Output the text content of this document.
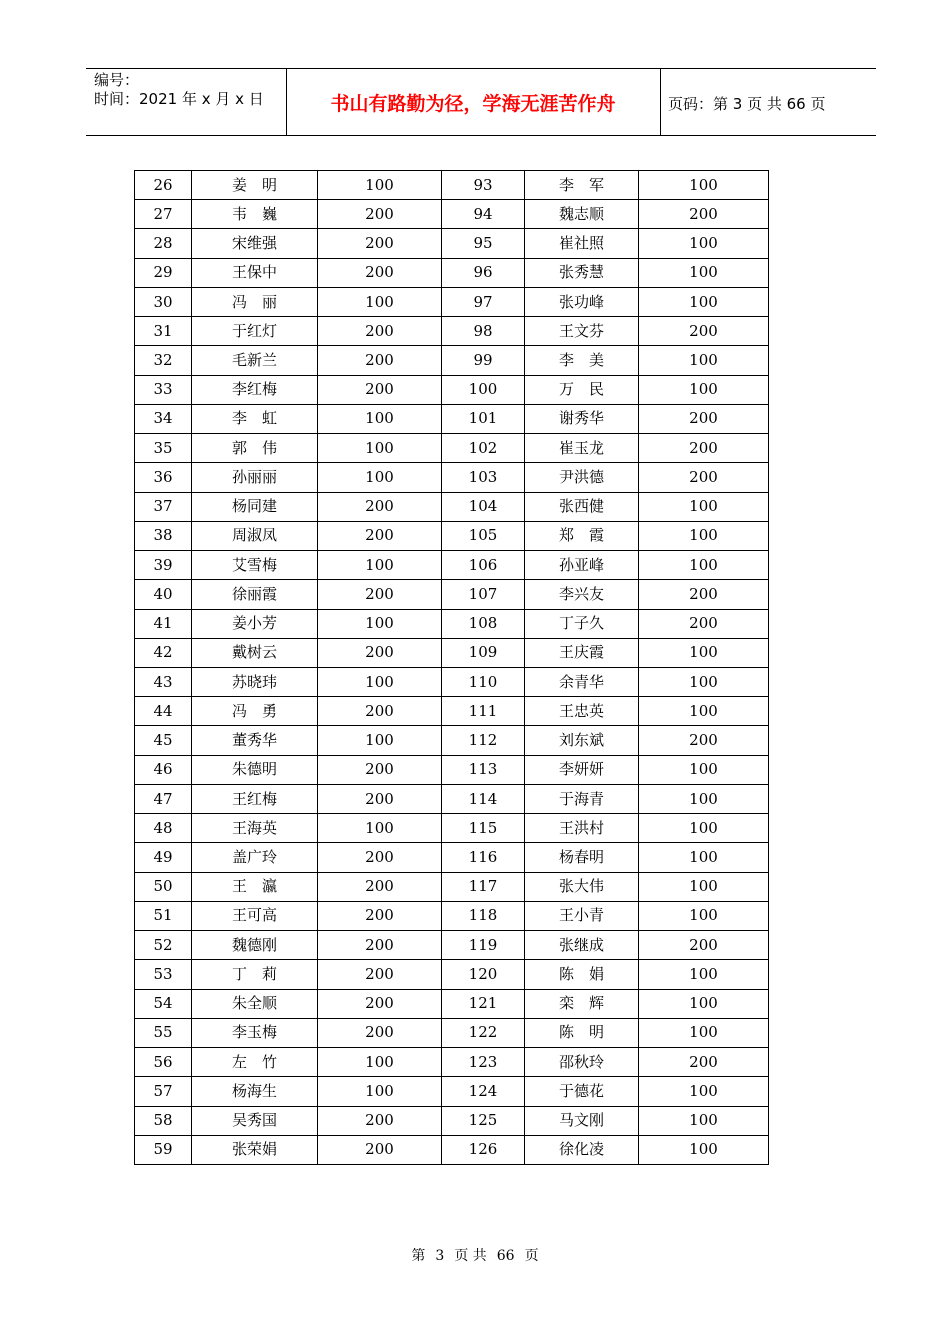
编号：
时间：2021 年 x 月 x 日	书山有路勤为径，学海无涯苦作舟	页码：第 3 页 共 66 页
26	姜　明	100	93	李　军	100
27	韦　巍	200	94	魏志顺	200
28	宋维强	200	95	崔社照	100
29	王保中	200	96	张秀慧	100
30	冯　丽	100	97	张功峰	100
31	于红灯	200	98	王文芬	200
32	毛新兰	200	99	李　美	100
33	李红梅	200	100	万　民	100
34	李　虹	100	101	谢秀华	200
35	郭　伟	100	102	崔玉龙	200
36	孙丽丽	100	103	尹洪德	200
37	杨同建	200	104	张西健	100
38	周淑凤	200	105	郑　霞	100
39	艾雪梅	100	106	孙亚峰	100
40	徐丽霞	200	107	李兴友	200
41	姜小芳	100	108	丁子久	200
42	戴树云	200	109	王庆霞	100
43	苏晓玮	100	110	余青华	100
44	冯　勇	200	111	王忠英	100
45	董秀华	100	112	刘东斌	200
46	朱德明	200	113	李妍妍	100
47	王红梅	200	114	于海青	100
48	王海英	100	115	王洪村	100
49	盖广玲	200	116	杨春明	100
50	王　瀛	200	117	张大伟	100
51	王可高	200	118	王小青	100
52	魏德刚	200	119	张继成	200
53	丁　莉	200	120	陈　娟	100
54	朱全顺	200	121	栾　辉	100
55	李玉梅	200	122	陈　明	100
56	左　竹	100	123	邵秋玲	200
57	杨海生	100	124	于德花	100
58	吴秀国	200	125	马文刚	100
59	张荣娟	200	126	徐化凌	100
第 3 页 共 66 页
